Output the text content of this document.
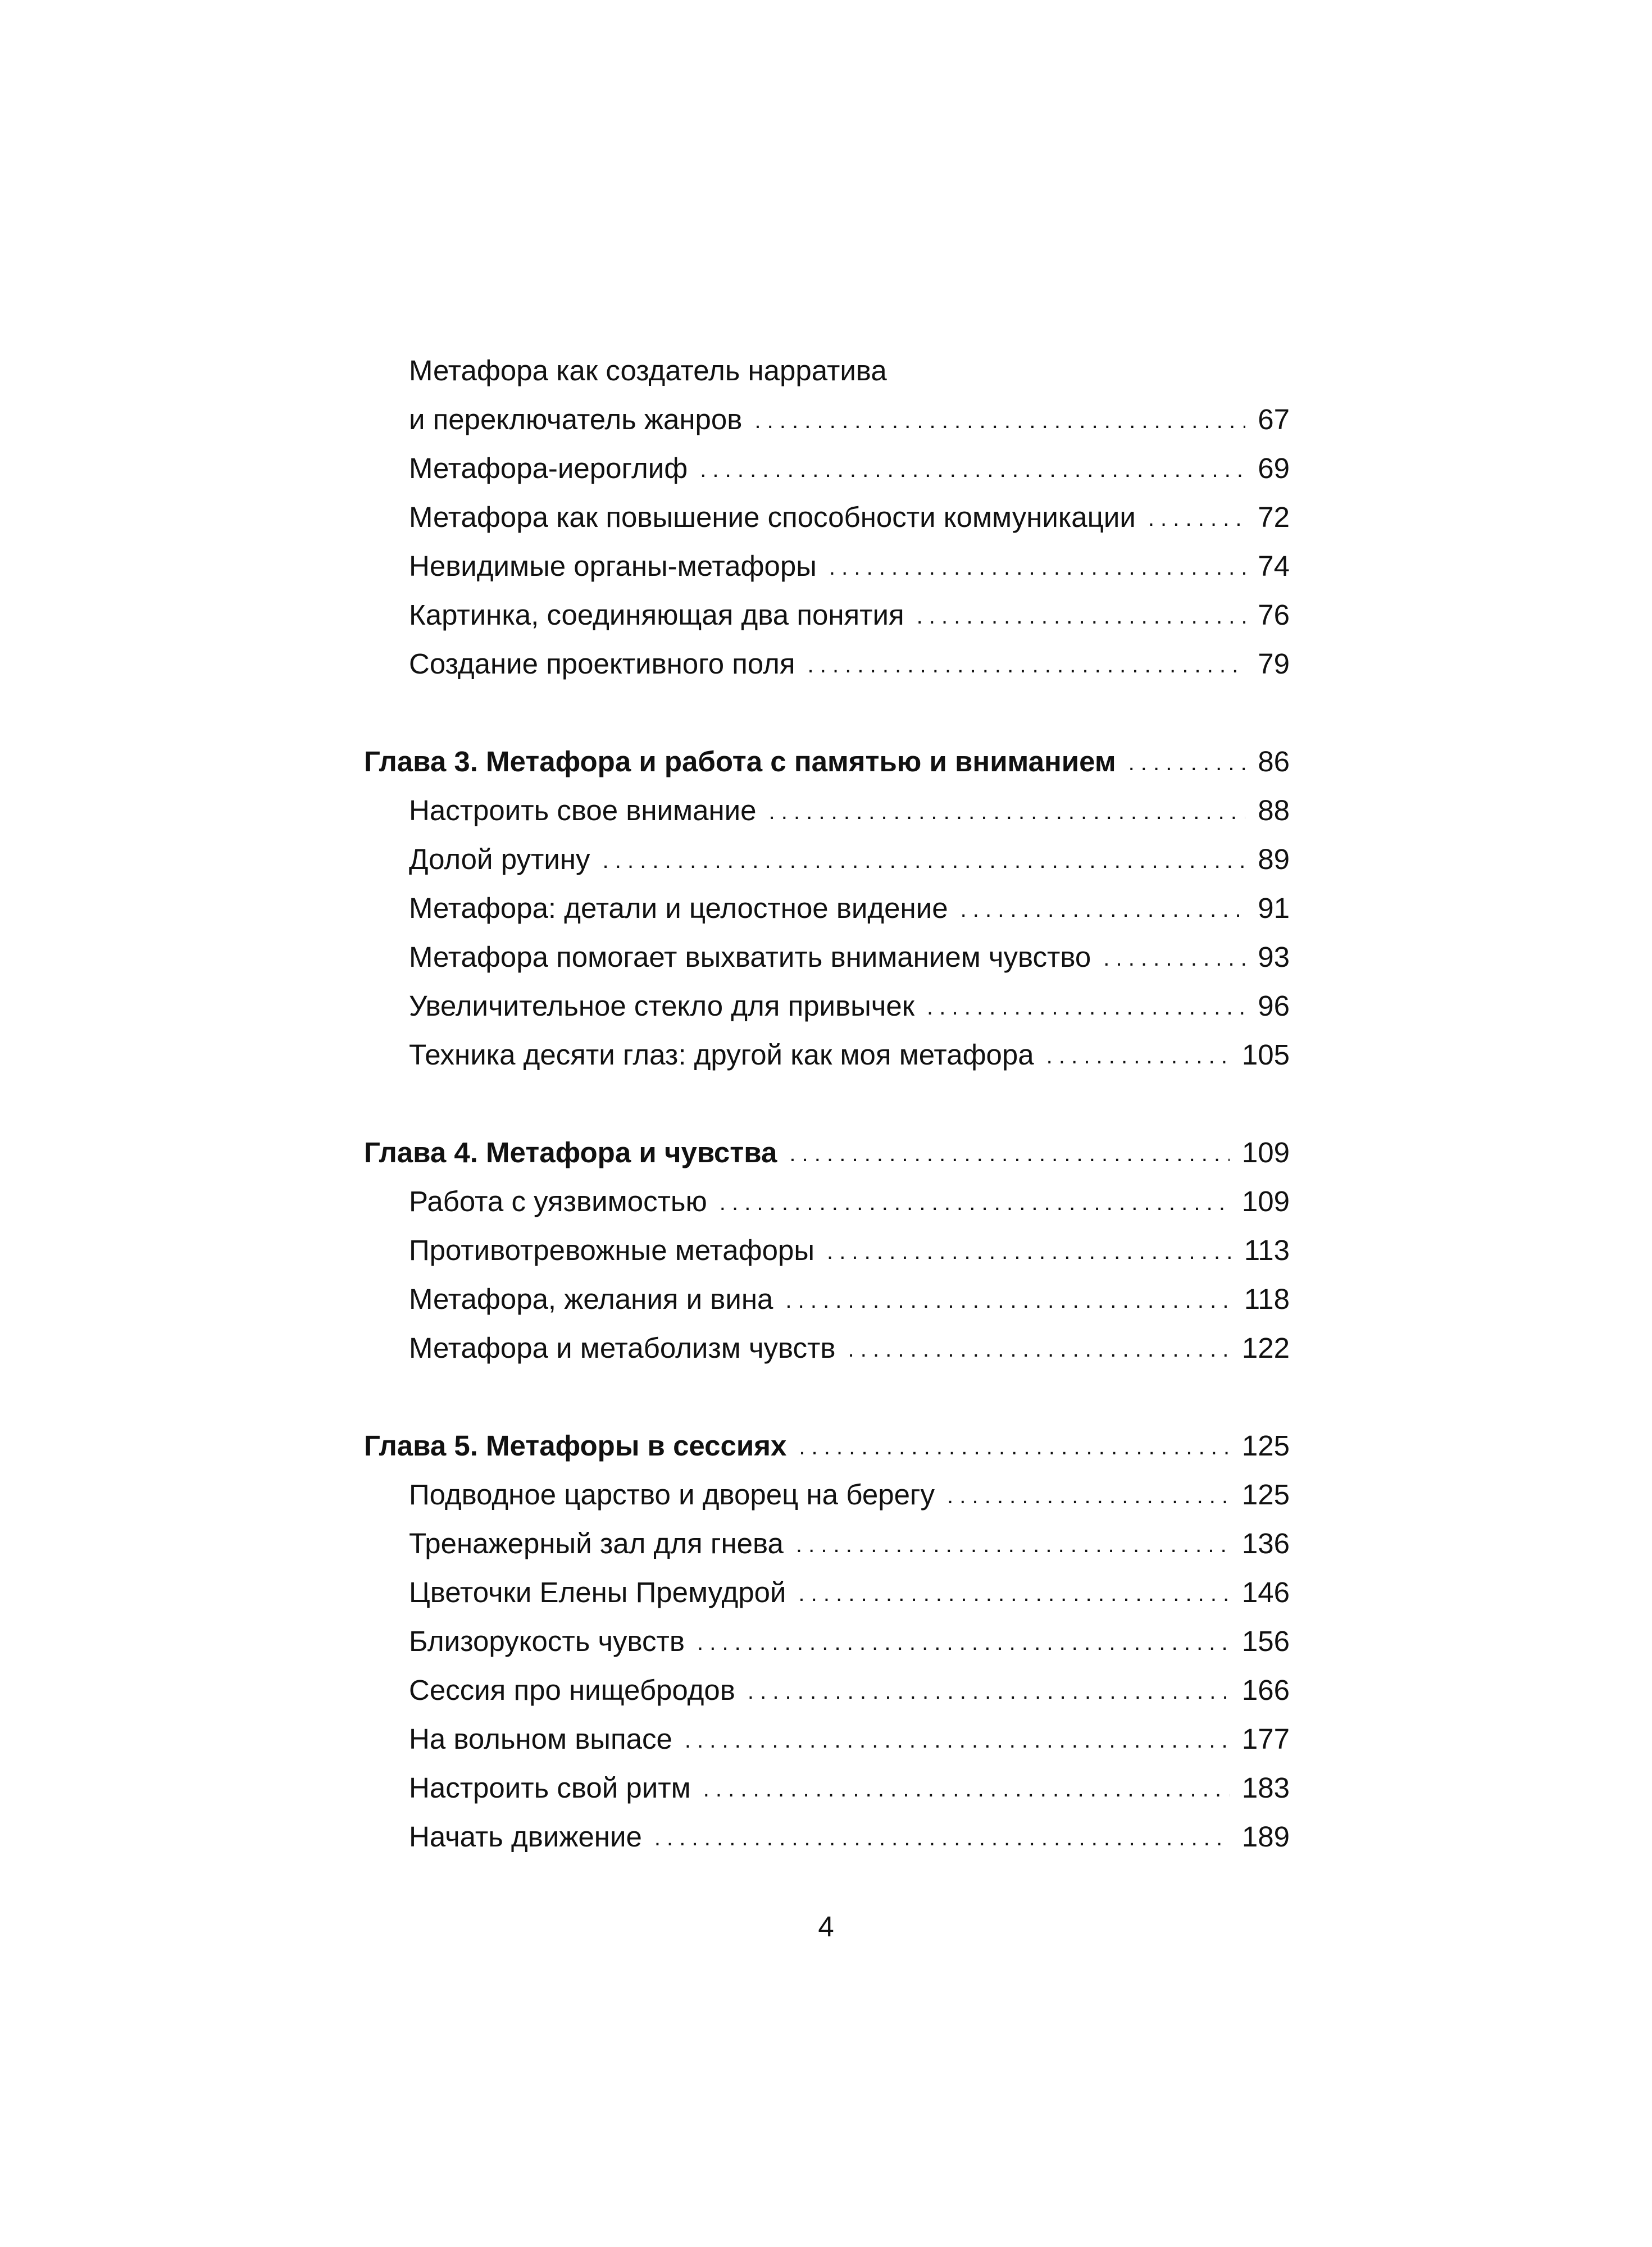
Метафора как создатель нарратива
и переключатель жанров . . .	67
Метафора-иероглиф . . .	69
Метафора как повышение способности коммуникации . . .	72
Невидимые органы-метафоры . . .	74
Картинка, соединяющая два понятия . . .	76
Создание проективного поля . . .	79
Глава 3. Метафора и работа с памятью и вниманием . . .	86
Настроить свое внимание . . .	88
Долой рутину . . .	89
Метафора: детали и целостное видение . . .	91
Метафора помогает выхватить вниманием чувство . . .	93
Увеличительное стекло для привычек . . .	96
Техника десяти глаз: другой как моя метафора . . .	105
Глава 4. Метафора и чувства . . .	109
Работа с уязвимостью . . .	109
Противотревожные метафоры . . .	113
Метафора, желания и вина . . .	118
Метафора и метаболизм чувств . . .	122
Глава 5. Метафоры в сессиях . . .	125
Подводное царство и дворец на берегу . . .	125
Тренажерный зал для гнева . . .	136
Цветочки Елены Премудрой . . .	146
Близорукость чувств . . .	156
Сессия про нищебродов . . .	166
На вольном выпасе . . .	177
Настроить свой ритм . . .	183
Начать движение . . .	189
4
